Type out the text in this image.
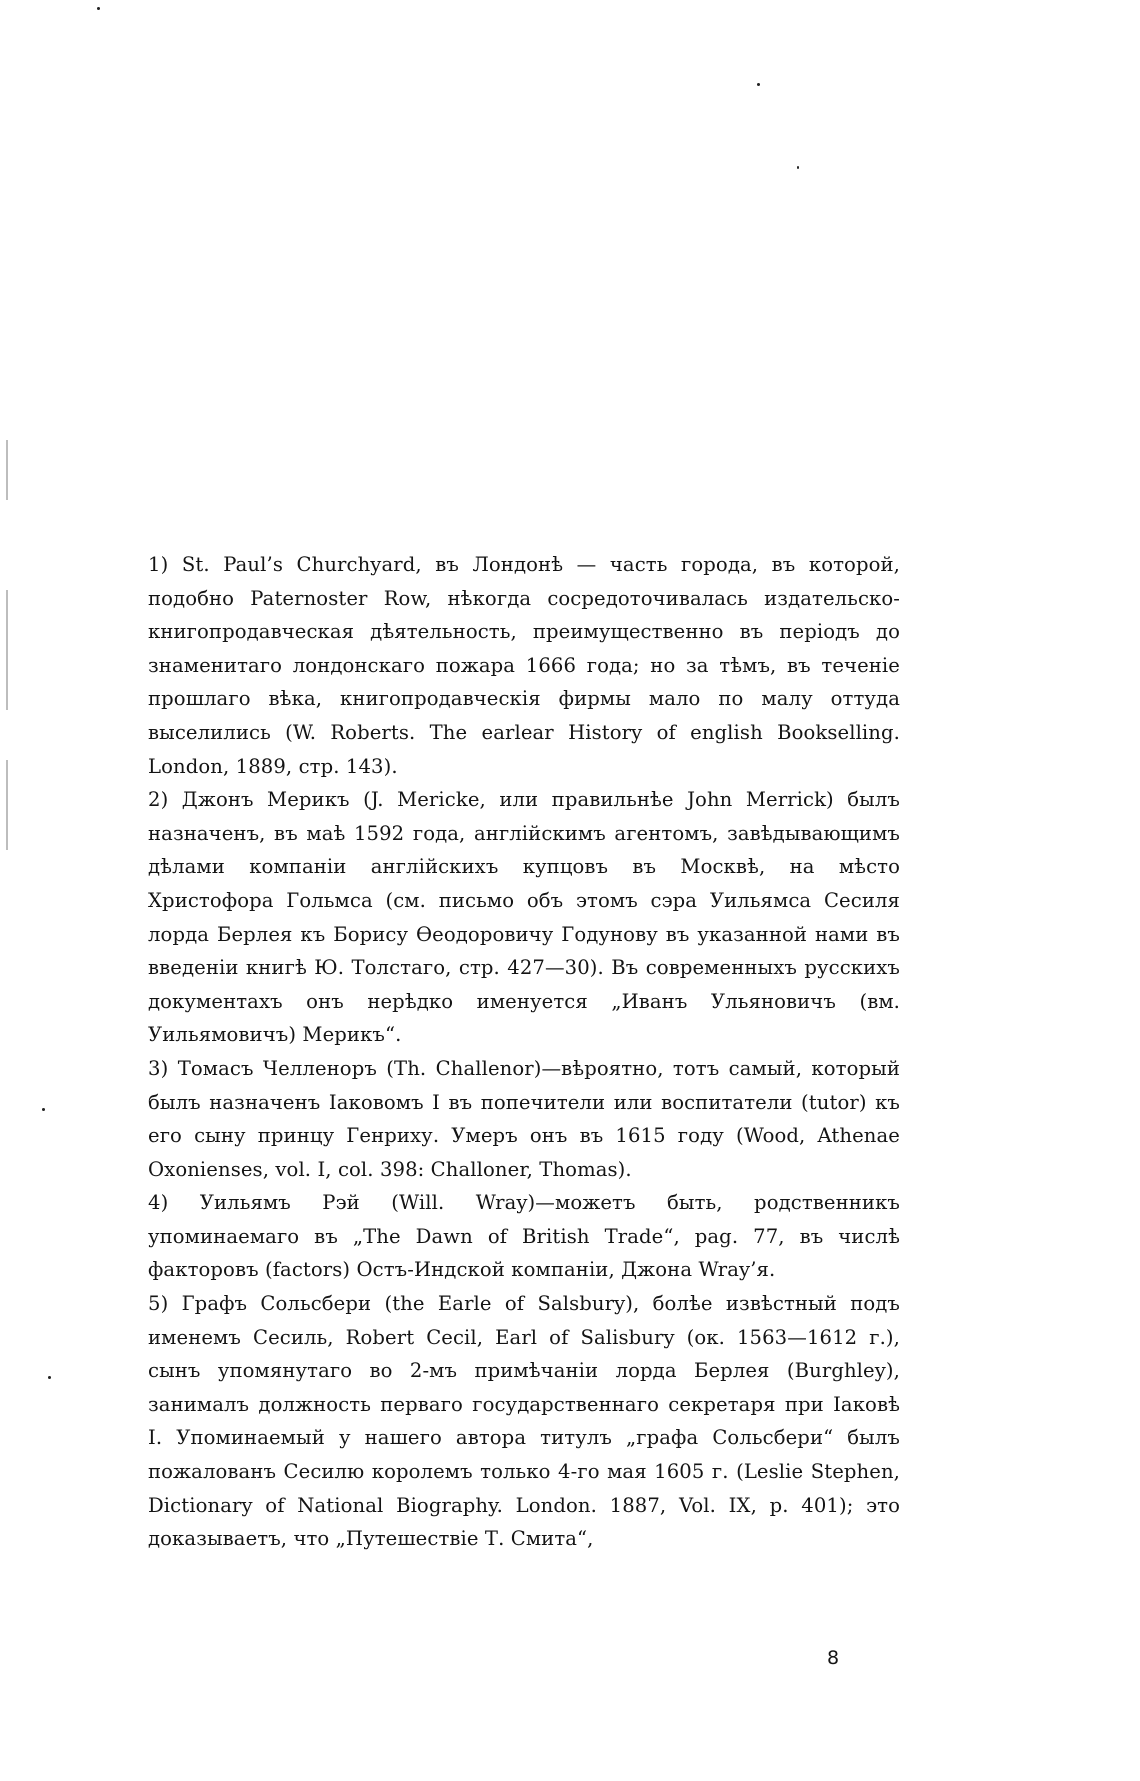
1) St. Paul’s Churchyard, въ Лондонѣ — часть города, въ которой, подобно Paternoster Row, нѣкогда сосредоточивалась издательско-книгопродавческая дѣятельность, преимущественно въ періодъ до знаменитаго лондонскаго пожара 1666 года; но за тѣмъ, въ теченіе прошлаго вѣка, книгопродавческія фирмы мало по малу оттуда выселились (W. Roberts. The earlear History of english Bookselling. London, 1889, стр. 143).

2) Джонъ Мерикъ (J. Mericke, или правильнѣе John Merrick) былъ назначенъ, въ маѣ 1592 года, англійскимъ агентомъ, завѣдывающимъ дѣлами компаніи англійскихъ купцовъ въ Москвѣ, на мѣсто Христофора Гольмса (см. письмо объ этомъ сэра Уильямса Сесиля лорда Берлея къ Борису Ѳеодоровичу Годунову въ указанной нами въ введеніи книгѣ Ю. Толстаго, стр. 427—30). Въ современныхъ русскихъ документахъ онъ нерѣдко именуется „Иванъ Ульяновичъ (вм. Уильямовичъ) Мерикъ“.

3) Томасъ Челленоръ (Th. Challenor)—вѣроятно, тотъ самый, который былъ назначенъ Іаковомъ I въ попечители или воспитатели (tutor) къ его сыну принцу Генриху. Умеръ онъ въ 1615 году (Wood, Athenae Oxonienses, vol. I, col. 398: Challoner, Thomas).

4) Уильямъ Рэй (Will. Wray)—можетъ быть, родственникъ упоминаемаго въ „The Dawn of British Trade“, pag. 77, въ числѣ факторовъ (factors) Остъ-Индской компаніи, Джона Wray’я.

5) Графъ Сольсбери (the Earle of Salsbury), болѣе извѣстный подъ именемъ Сесиль, Robert Cecil, Earl of Salisbury (ок. 1563—1612 г.), сынъ упомянутаго во 2-мъ примѣчаніи лорда Берлея (Burghley), занималъ должность перваго государственнаго секретаря при Іаковѣ I. Упоминаемый у нашего автора титулъ „графа Сольсбери“ былъ пожалованъ Сесилю королемъ только 4-го мая 1605 г. (Leslie Stephen, Dictionary of National Biography. London. 1887, Vol. IX, p. 401); это доказываетъ, что „Путешествіе Т. Смита“,

8
